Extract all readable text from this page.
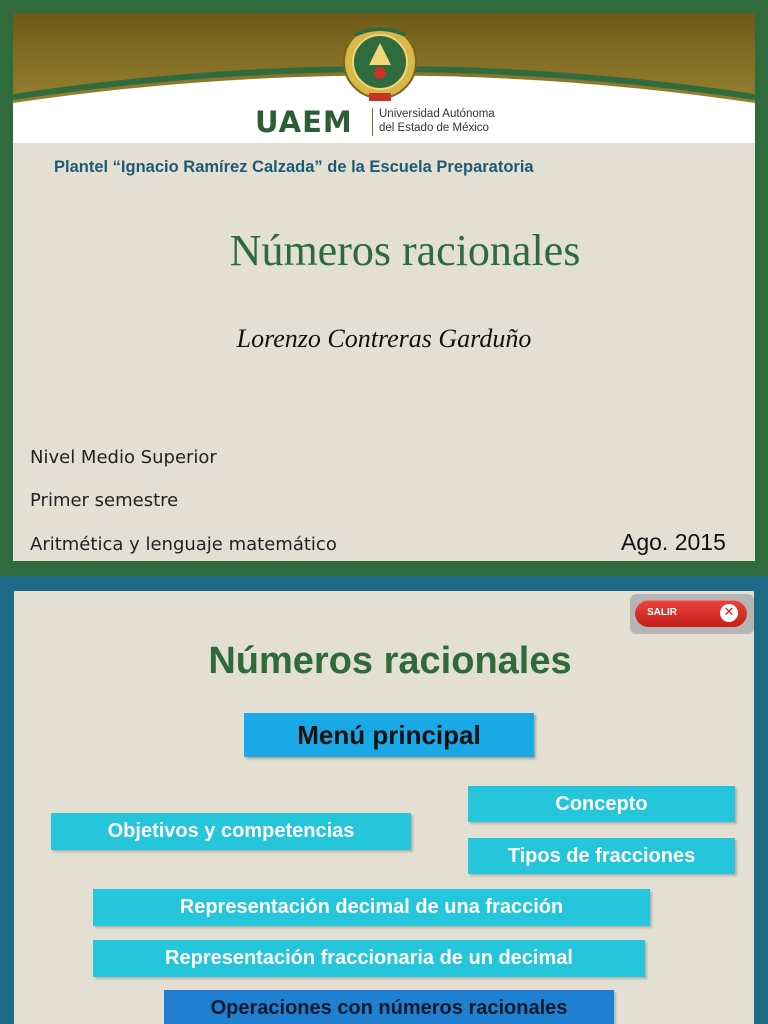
UAEM Universidad Autónoma
del Estado de México
Plantel “Ignacio Ramírez Calzada” de la Escuela Preparatoria
Números racionales
Lorenzo Contreras Garduño
Nivel Medio Superior
Primer semestre
Aritmética y lenguaje matemático	Ago. 2015
Números racionales
SALIR	✕
Menú principal
Concepto
Objetivos y competencias
Tipos de fracciones
Representación decimal de una fracción
Representación fraccionaria de un decimal
Operaciones con números racionales
